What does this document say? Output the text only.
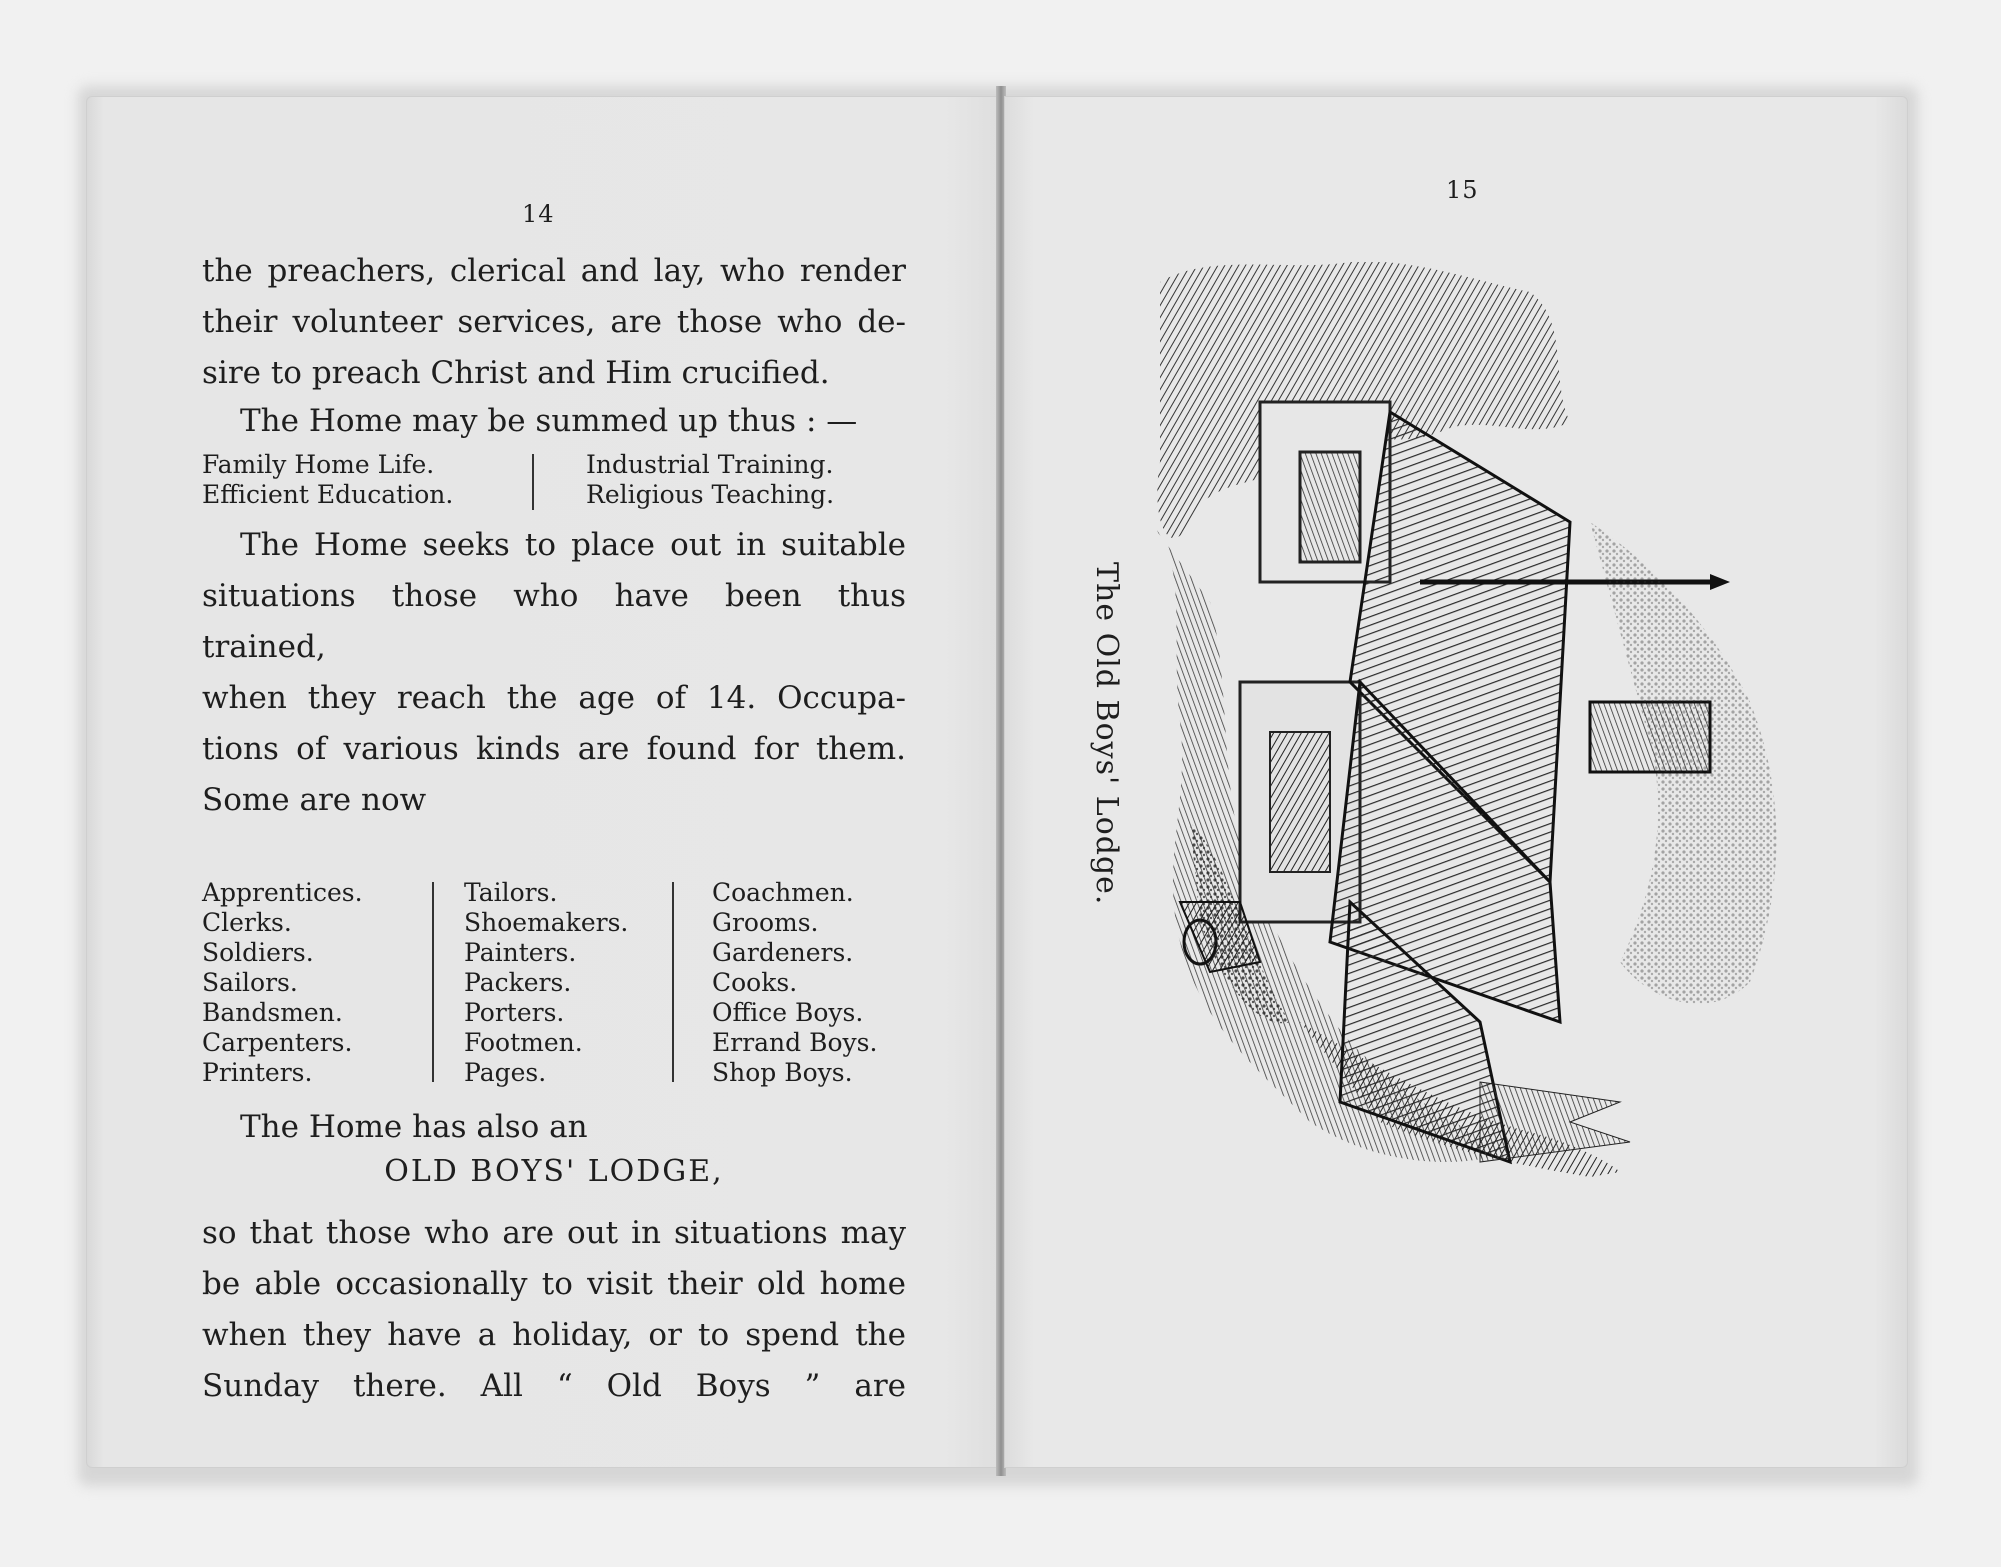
14
the preachers, clerical and lay, who render
their volunteer services, are those who de-
sire to preach Christ and Him crucified.
The Home may be summed up thus : —
Family Home Life.
Efficient Education.
Industrial Training.
Religious Teaching.
The Home seeks to place out in suitable
situations those who have been thus trained,
when they reach the age of 14. Occupa-
tions of various kinds are found for them.
Some are now
Apprentices.
Clerks.
Soldiers.
Sailors.
Bandsmen.
Carpenters.
Printers.
Tailors.
Shoemakers.
Painters.
Packers.
Porters.
Footmen.
Pages.
Coachmen.
Grooms.
Gardeners.
Cooks.
Office Boys.
Errand Boys.
Shop Boys.
The Home has also an
OLD BOYS' LODGE,
so that those who are out in situations may
be able occasionally to visit their old home
when they have a holiday, or to spend the
Sunday there. All “ Old Boys ” are
15
The Old Boys' Lodge.
